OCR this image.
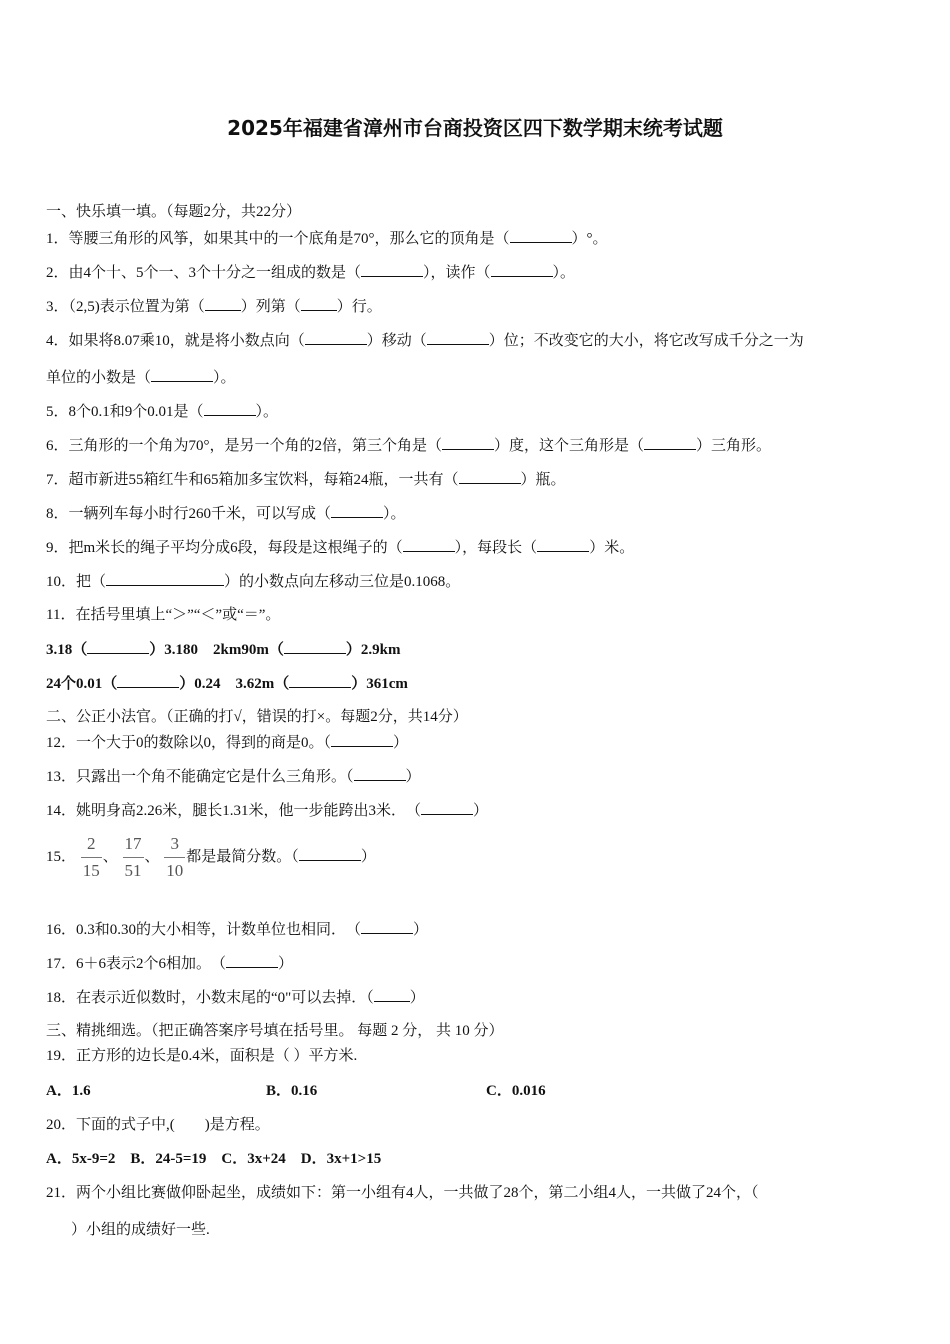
2025年福建省漳州市台商投资区四下数学期末统考试题
一、快乐填一填。（每题2分，共22分）
1．等腰三角形的风筝，如果其中的一个底角是70°，那么它的顶角是（	）°。
2．由4个十、5个一、3个十分之一组成的数是（	），读作（	）。
3．（2,5)表示位置为第（ ）列第（ ）行。
4．如果将8.07乘10，就是将小数点向（	）移动（	）位；不改变它的大小，将它改写成千分之一为
单位的小数是（	）。
5．8个0.1和9个0.01是（	）。
6．三角形的一个角为70°，是另一个角的2倍，第三个角是（	）度，这个三角形是（	）三角形。
7．超市新进55箱红牛和65箱加多宝饮料，每箱24瓶，一共有（	）瓶。
8．一辆列车每小时行260千米，可以写成（	）。
9．把m米长的绳子平均分成6段，每段是这根绳子的（	），每段长（	）米。
10．把（	）的小数点向左移动三位是0.1068。
11．在括号里填上“＞”“＜”或“＝”。
3.18（	）3.180　2km90m（	）2.9km
24个0.01（	）0.24　3.62m（	）361cm
二、公正小法官。（正确的打√，错误的打×。每题2分，共14分）
12．一个大于0的数除以0，得到的商是0。（	）
13．只露出一个角不能确定它是什么三角形。（	）
14．姚明身高2.26米，腿长1.31米，他一步能跨出3米．　（	）
15． $\frac{2}{15}$ 、 $\frac{17}{51}$ 、 $\frac{3}{10}$ 都是最简分数。（	）
16．0.3和0.30的大小相等，计数单位也相同．　（	）
17．6＋6表示2个6相加。　（	）
18．在表示近似数时，小数末尾的“0"可以去掉．（ ）
三、精挑细选。（把正确答案序号填在括号里。 每题 2 分， 共 10 分）
19．正方形的边长是0.4米，面积是（ ）平方米.
A．1.6	B．0.16	C．0.016
20．下面的式子中,(　　)是方程。
A．5x-9=2　B．24-5=19　C．3x+24　D．3x+1>15
21．两个小组比赛做仰卧起坐，成绩如下：第一小组有4人，一共做了28个，第二小组4人，一共做了24个，（
　）小组的成绩好一些.
